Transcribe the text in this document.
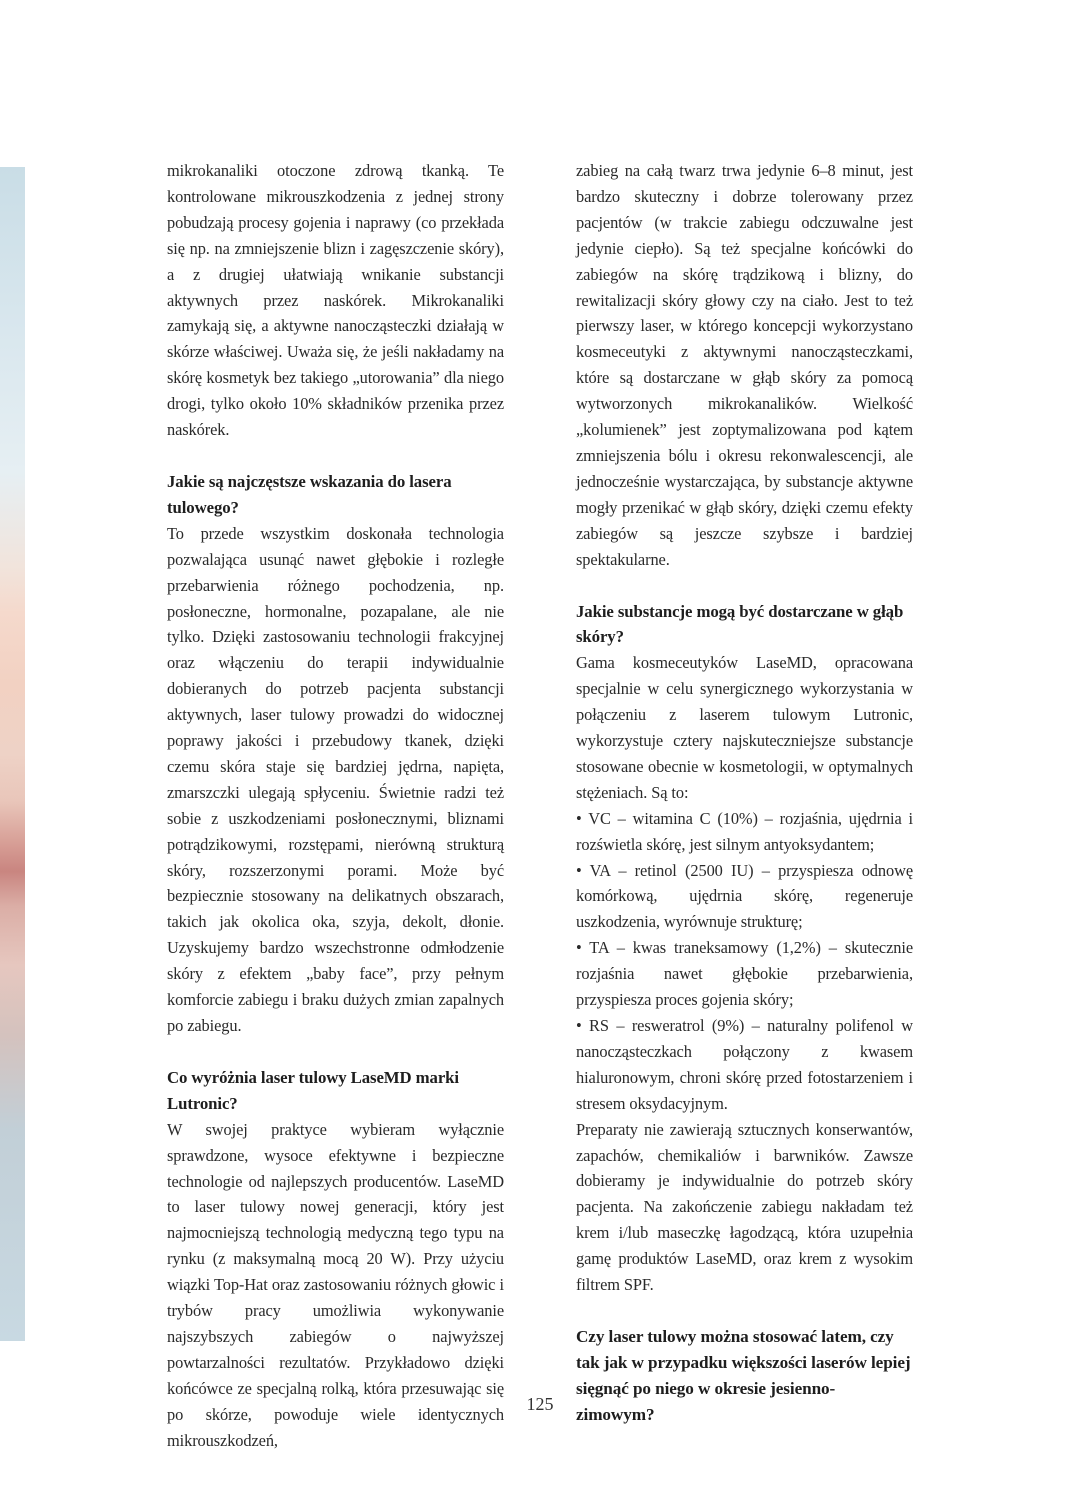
mikrokanaliki otoczone zdrową tkanką. Te kontrolowane mikrouszkodzenia z jednej strony pobudzają procesy gojenia i naprawy (co przekłada się np. na zmniejszenie blizn i zagęszczenie skóry), a z drugiej ułatwiają wnikanie substancji aktywnych przez naskórek. Mikrokanaliki zamykają się, a aktywne nanocząsteczki działają w skórze właściwej. Uważa się, że jeśli nakładamy na skórę kosmetyk bez takiego „utorowania” dla niego drogi, tylko około 10% składników przenika przez naskórek.

Jakie są najczęstsze wskazania do lasera tulowego?

To przede wszystkim doskonała technologia pozwalająca usunąć nawet głębokie i rozległe przebarwienia różnego pochodzenia, np. posłoneczne, hormonalne, pozapalane, ale nie tylko. Dzięki zastosowaniu technologii frakcyjnej oraz włączeniu do terapii indywidualnie dobieranych do potrzeb pacjenta substancji aktywnych, laser tulowy prowadzi do widocznej poprawy jakości i przebudowy tkanek, dzięki czemu skóra staje się bardziej jędrna, napięta, zmarszczki ulegają spłyceniu. Świetnie radzi też sobie z uszkodzeniami posłonecznymi, bliznami potrądzikowymi, rozstępami, nierówną strukturą skóry, rozszerzonymi porami. Może być bezpiecznie stosowany na delikatnych obszarach, takich jak okolica oka, szyja, dekolt, dłonie. Uzyskujemy bardzo wszechstronne odmłodzenie skóry z efektem „baby face”, przy pełnym komforcie zabiegu i braku dużych zmian zapalnych po zabiegu.

Co wyróżnia laser tulowy LaseMD marki Lutronic?

W swojej praktyce wybieram wyłącznie sprawdzone, wysoce efektywne i bezpieczne technologie od najlepszych producentów. LaseMD to laser tulowy nowej generacji, który jest najmocniejszą technologią medyczną tego typu na rynku (z maksymalną mocą 20 W). Przy użyciu wiązki Top-Hat oraz zastosowaniu różnych głowic i trybów pracy umożliwia wykonywanie najszybszych zabiegów o najwyższej powtarzalności rezultatów. Przykładowo dzięki końcówce ze specjalną rolką, która przesuwając się po skórze, powoduje wiele identycznych mikrouszkodzeń,

zabieg na całą twarz trwa jedynie 6–8 minut, jest bardzo skuteczny i dobrze tolerowany przez pacjentów (w trakcie zabiegu odczuwalne jest jedynie ciepło). Są też specjalne końcówki do zabiegów na skórę trądzikową i blizny, do rewitalizacji skóry głowy czy na ciało. Jest to też pierwszy laser, w którego koncepcji wykorzystano kosmeceutyki z aktywnymi nanocząsteczkami, które są dostarczane w głąb skóry za pomocą wytworzonych mikrokanalików. Wielkość „kolumienek” jest zoptymalizowana pod kątem zmniejszenia bólu i okresu rekonwalescencji, ale jednocześnie wystarczająca, by substancje aktywne mogły przenikać w głąb skóry, dzięki czemu efekty zabiegów są jeszcze szybsze i bardziej spektakularne.

Jakie substancje mogą być dostarczane w głąb skóry?

Gama kosmeceutyków LaseMD, opracowana specjalnie w celu synergicznego wykorzystania w połączeniu z laserem tulowym Lutronic, wykorzystuje cztery najskuteczniejsze substancje stosowane obecnie w kosmetologii, w optymalnych stężeniach. Są to:

• VC – witamina C (10%) – rozjaśnia, ujędrnia i rozświetla skórę, jest silnym antyoksydantem;

• VA – retinol (2500 IU) – przyspiesza odnowę komórkową, ujędrnia skórę, regeneruje uszkodzenia, wyrównuje strukturę;

• TA – kwas traneksamowy (1,2%) – skutecznie rozjaśnia nawet głębokie przebarwienia, przyspiesza proces gojenia skóry;

• RS – resweratrol (9%) – naturalny polifenol w nanocząsteczkach połączony z kwasem hialuronowym, chroni skórę przed fotostarzeniem i stresem oksydacyjnym.

Preparaty nie zawierają sztucznych konserwantów, zapachów, chemikaliów i barwników. Zawsze dobieramy je indywidualnie do potrzeb skóry pacjenta. Na zakończenie zabiegu nakładam też krem i/lub maseczkę łagodzącą, która uzupełnia gamę produktów LaseMD, oraz krem z wysokim filtrem SPF.

Czy laser tulowy można stosować latem, czy tak jak w przypadku większości laserów lepiej sięgnąć po niego w okresie jesienno-zimowym?
125
